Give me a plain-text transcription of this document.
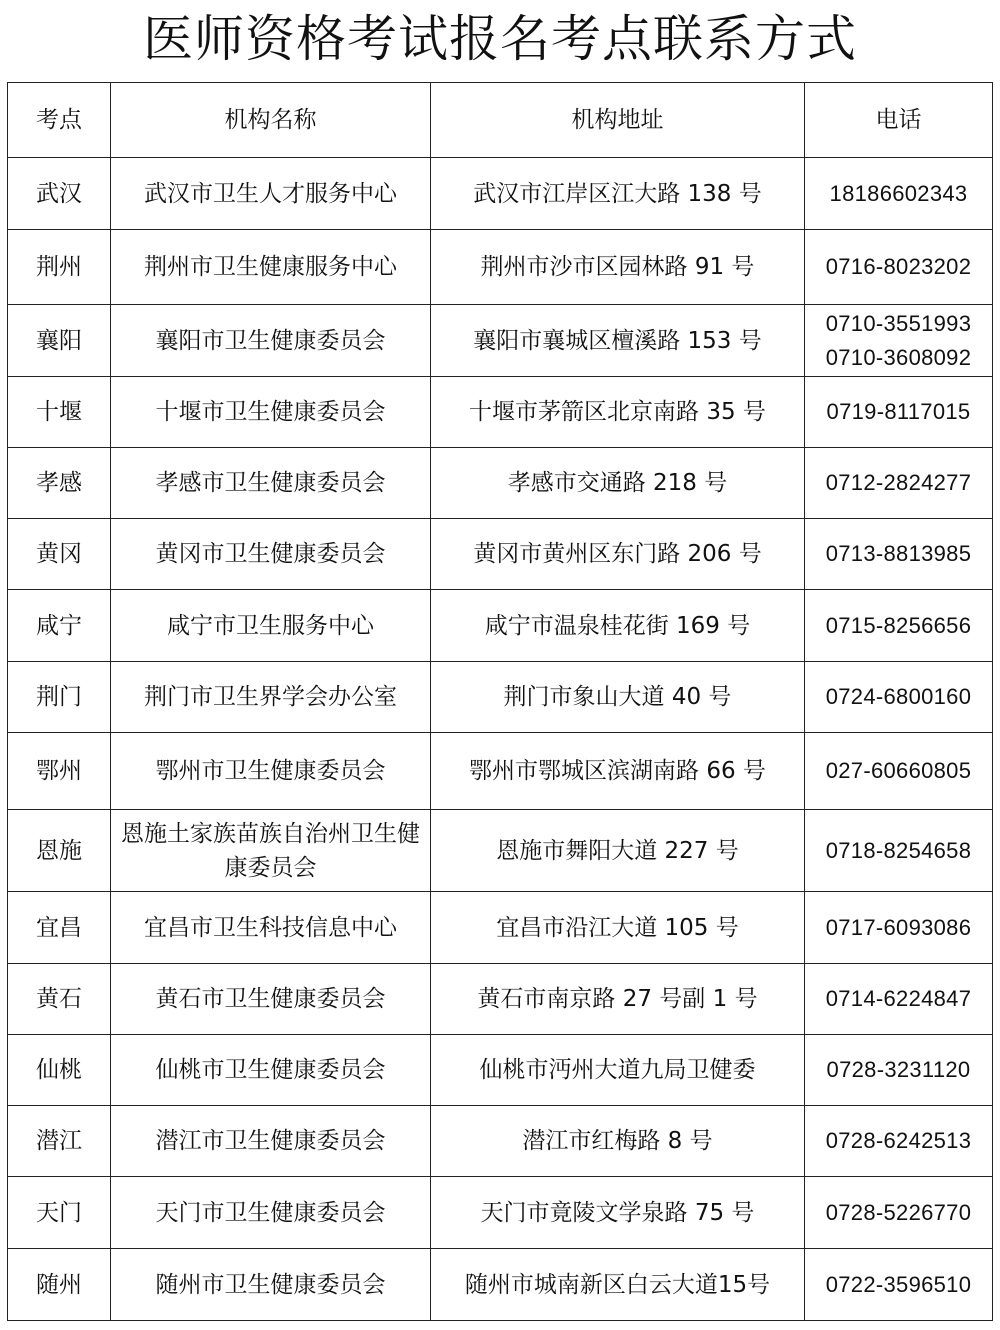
医师资格考试报名考点联系方式
考点	机构名称	机构地址	电话
武汉	武汉市卫生人才服务中心	武汉市江岸区江大路 138 号	18186602343

荆州	荆州市卫生健康服务中心	荆州市沙市区园林路 91 号	0716-8023202

襄阳	襄阳市卫生健康委员会	襄阳市襄城区檀溪路 153 号	0710-3551993
0710-3608092

十堰	十堰市卫生健康委员会	十堰市茅箭区北京南路 35 号	0719-8117015

孝感	孝感市卫生健康委员会	孝感市交通路 218 号	0712-2824277

黄冈	黄冈市卫生健康委员会	黄冈市黄州区东门路 206 号	0713-8813985

咸宁	咸宁市卫生服务中心	咸宁市温泉桂花街 169 号	0715-8256656

荆门	荆门市卫生界学会办公室	荆门市象山大道 40 号	0724-6800160

鄂州	鄂州市卫生健康委员会	鄂州市鄂城区滨湖南路 66 号	027-60660805

恩施	恩施土家族苗族自治州卫生健康委员会	恩施市舞阳大道 227 号	0718-8254658

宜昌	宜昌市卫生科技信息中心	宜昌市沿江大道 105 号	0717-6093086

黄石	黄石市卫生健康委员会	黄石市南京路 27 号副 1 号	0714-6224847

仙桃	仙桃市卫生健康委员会	仙桃市沔州大道九局卫健委	0728-3231120

潜江	潜江市卫生健康委员会	潜江市红梅路 8 号	0728-6242513

天门	天门市卫生健康委员会	天门市竟陵文学泉路 75 号	0728-5226770

随州	随州市卫生健康委员会	随州市城南新区白云大道15号	0722-3596510
